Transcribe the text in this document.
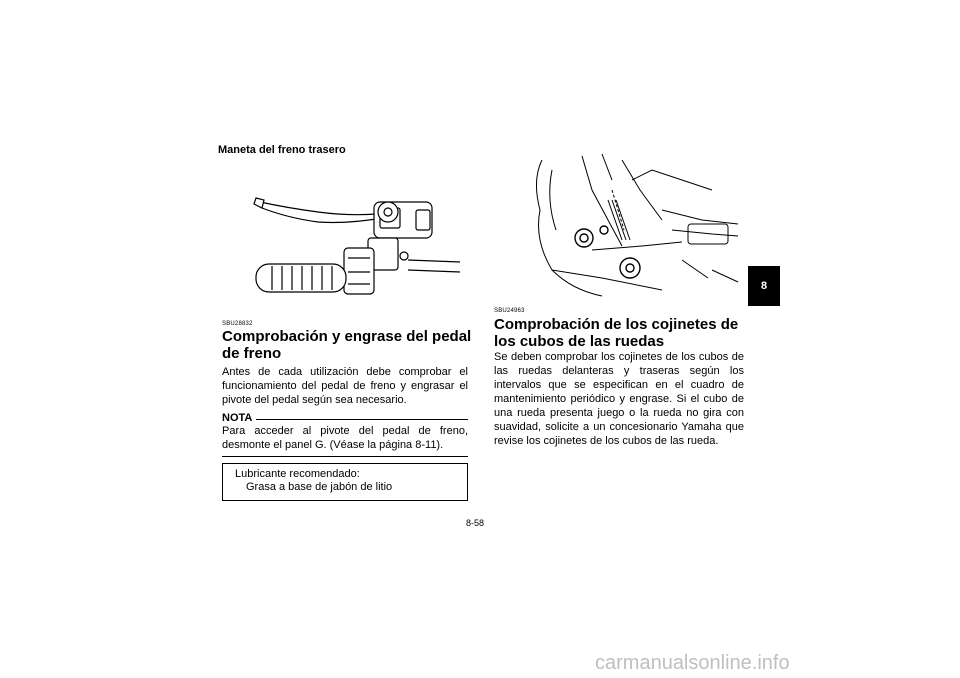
Maneta del freno trasero
SBU28832
Comprobación y engrase del pedal de freno
Antes de cada utilización debe comprobar el funcionamiento del pedal de freno y engrasar el pivote del pedal según sea necesario.
NOTA
Para acceder al pivote del pedal de freno, desmonte el panel G. (Véase la página 8-11).
Lubricante recomendado:
Grasa a base de jabón de litio
SBU24963
Comprobación de los cojinetes de los cubos de las ruedas
Se deben comprobar los cojinetes de los cubos de las ruedas delanteras y traseras según los intervalos que se especifican en el cuadro de mantenimiento periódico y engrase. Si el cubo de una rueda presenta juego o la rueda no gira con suavidad, solicite a un concesionario Yamaha que revise los cojinetes de los cubos de las rueda.
8-58
8
carmanualsonline.info
